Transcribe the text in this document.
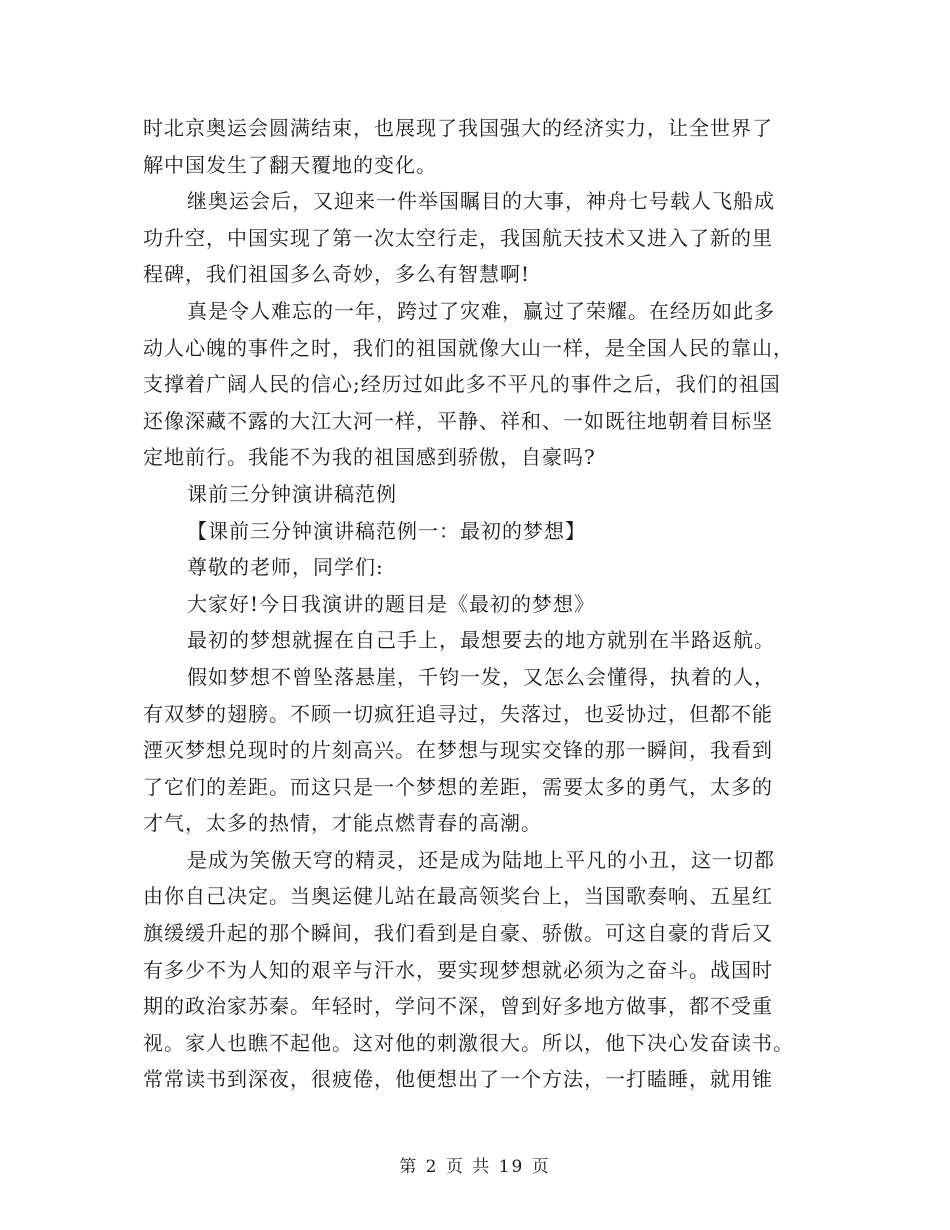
时北京奥运会圆满结束，也展现了我国强大的经济实力，让全世界了
解中国发生了翻天覆地的变化。
继奥运会后，又迎来一件举国瞩目的大事，神舟七号载人飞船成
功升空，中国实现了第一次太空行走，我国航天技术又进入了新的里
程碑，我们祖国多么奇妙，多么有智慧啊!
真是令人难忘的一年，跨过了灾难，赢过了荣耀。在经历如此多
动人心魄的事件之时，我们的祖国就像大山一样，是全国人民的靠山，
支撑着广阔人民的信心;经历过如此多不平凡的事件之后，我们的祖国
还像深藏不露的大江大河一样，平静、祥和、一如既往地朝着目标坚
定地前行。我能不为我的祖国感到骄傲，自豪吗?
课前三分钟演讲稿范例
【课前三分钟演讲稿范例一：最初的梦想】
尊敬的老师，同学们:
大家好!今日我演讲的题目是《最初的梦想》
最初的梦想就握在自己手上，最想要去的地方就别在半路返航。
假如梦想不曾坠落悬崖，千钧一发，又怎么会懂得，执着的人，
有双梦的翅膀。不顾一切疯狂追寻过，失落过，也妥协过，但都不能
湮灭梦想兑现时的片刻高兴。在梦想与现实交锋的那一瞬间，我看到
了它们的差距。而这只是一个梦想的差距，需要太多的勇气，太多的
才气，太多的热情，才能点燃青春的高潮。
是成为笑傲天穹的精灵，还是成为陆地上平凡的小丑，这一切都
由你自己决定。当奥运健儿站在最高领奖台上，当国歌奏响、五星红
旗缓缓升起的那个瞬间，我们看到是自豪、骄傲。可这自豪的背后又
有多少不为人知的艰辛与汗水，要实现梦想就必须为之奋斗。战国时
期的政治家苏秦。年轻时，学问不深，曾到好多地方做事，都不受重
视。家人也瞧不起他。这对他的刺激很大。所以，他下决心发奋读书。
常常读书到深夜，很疲倦，他便想出了一个方法，一打瞌睡，就用锥
第 2 页 共 19 页
